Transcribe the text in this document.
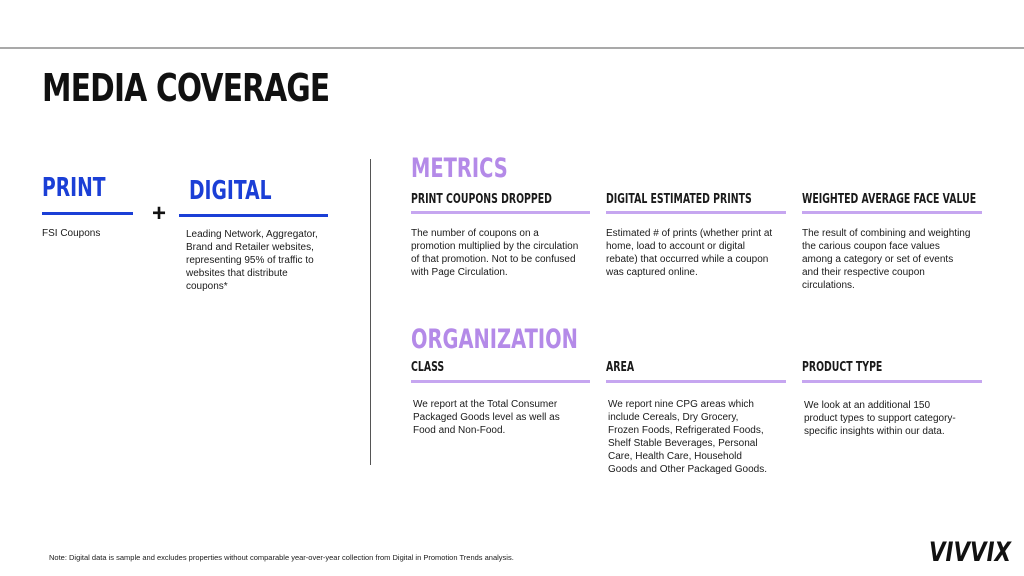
MEDIA COVERAGE
PRINT
FSI Coupons
+
DIGITAL
Leading Network, Aggregator,
Brand and Retailer websites,
representing 95% of traffic to
websites that distribute
coupons*
METRICS
PRINT COUPONS DROPPED
The number of coupons on a
promotion multiplied by the circulation
of that promotion. Not to be confused
with Page Circulation.
DIGITAL ESTIMATED PRINTS
Estimated # of prints (whether print at
home, load to account or digital
rebate) that occurred while a coupon
was captured online.
WEIGHTED AVERAGE FACE VALUE
The result of combining and weighting
the carious coupon face values
among a category or set of events
and their respective coupon
circulations.
ORGANIZATION
CLASS
We report at the Total Consumer
Packaged Goods level as well as
Food and Non-Food.
AREA
We report nine CPG areas which
include Cereals, Dry Grocery,
Frozen Foods, Refrigerated Foods,
Shelf Stable Beverages, Personal
Care, Health Care, Household
Goods and Other Packaged Goods.
PRODUCT TYPE
We look at an additional 150
product types to support category-
specific insights within our data.
Note: Digital data is sample and excludes properties without comparable year-over-year collection from Digital in Promotion Trends analysis.	VIVVIX
